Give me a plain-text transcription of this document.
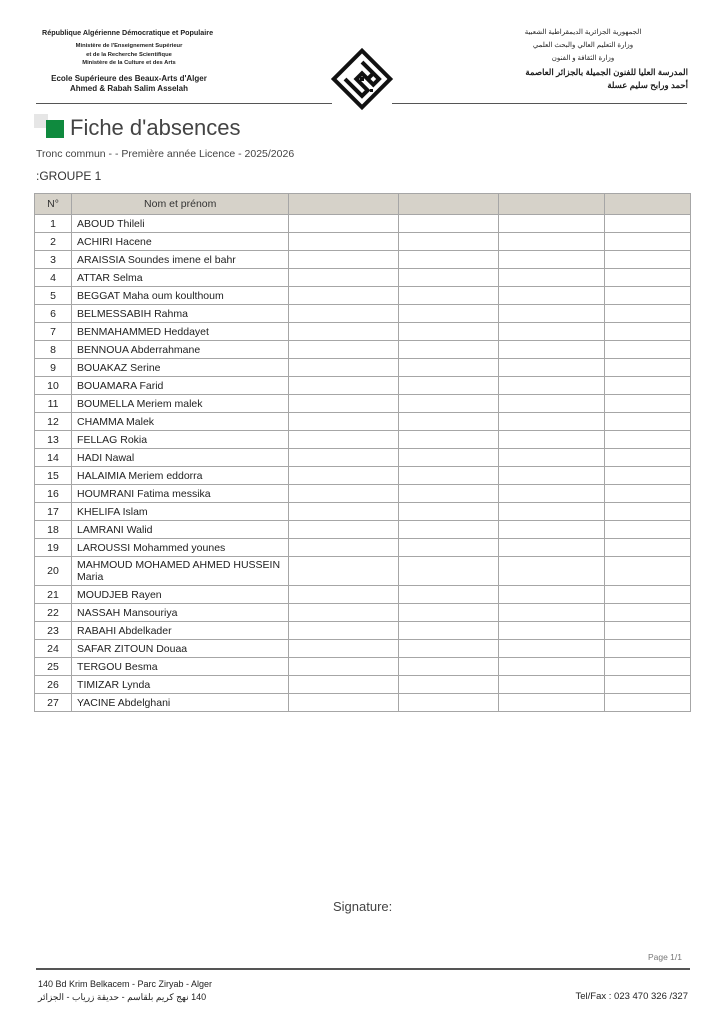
République Algérienne Démocratique et Populaire
Ministère de l'Enseignement Supérieur
et de la Recherche Scientifique
Ministère de la Culture et des Arts
Ecole Supérieure des Beaux-Arts d'Alger
Ahmed & Rabah Salim Asselah
الجمهورية الجزائرية الديمقراطية الشعبية
وزارة التعليم العالي والبحث العلمي
وزارة الثقافة و الفنون
المدرسة العليا للفنون الجميلة بالجزائر العاصمة
أحمد ورابح سليم عسلة
Fiche d'absences
Tronc commun - - Première année Licence - 2025/2026
:GROUPE 1
N°	Nom et prénom				
1	ABOUD Thileli				
2	ACHIRI Hacene				
3	ARAISSIA Soundes imene el bahr				
4	ATTAR Selma				
5	BEGGAT Maha oum koulthoum				
6	BELMESSABIH Rahma				
7	BENMAHAMMED Heddayet				
8	BENNOUA Abderrahmane				
9	BOUAKAZ Serine				
10	BOUAMARA Farid				
11	BOUMELLA Meriem malek				
12	CHAMMA Malek				
13	FELLAG Rokia				
14	HADI Nawal				
15	HALAIMIA Meriem eddorra				
16	HOUMRANI Fatima messika				
17	KHELIFA Islam				
18	LAMRANI Walid				
19	LAROUSSI Mohammed younes				
20	MAHMOUD MOHAMED AHMED HUSSEIN Maria				
21	MOUDJEB Rayen				
22	NASSAH Mansouriya				
23	RABAHI Abdelkader				
24	SAFAR ZITOUN Douaa				
25	TERGOU Besma				
26	TIMIZAR Lynda				
27	YACINE Abdelghani				
Signature:
Page 1/1
140 Bd Krim Belkacem - Parc Ziryab - Alger
140 نهج كريم بلقاسم - حديقة زرياب - الجزائر	Tel/Fax : 023 470 326 /327
